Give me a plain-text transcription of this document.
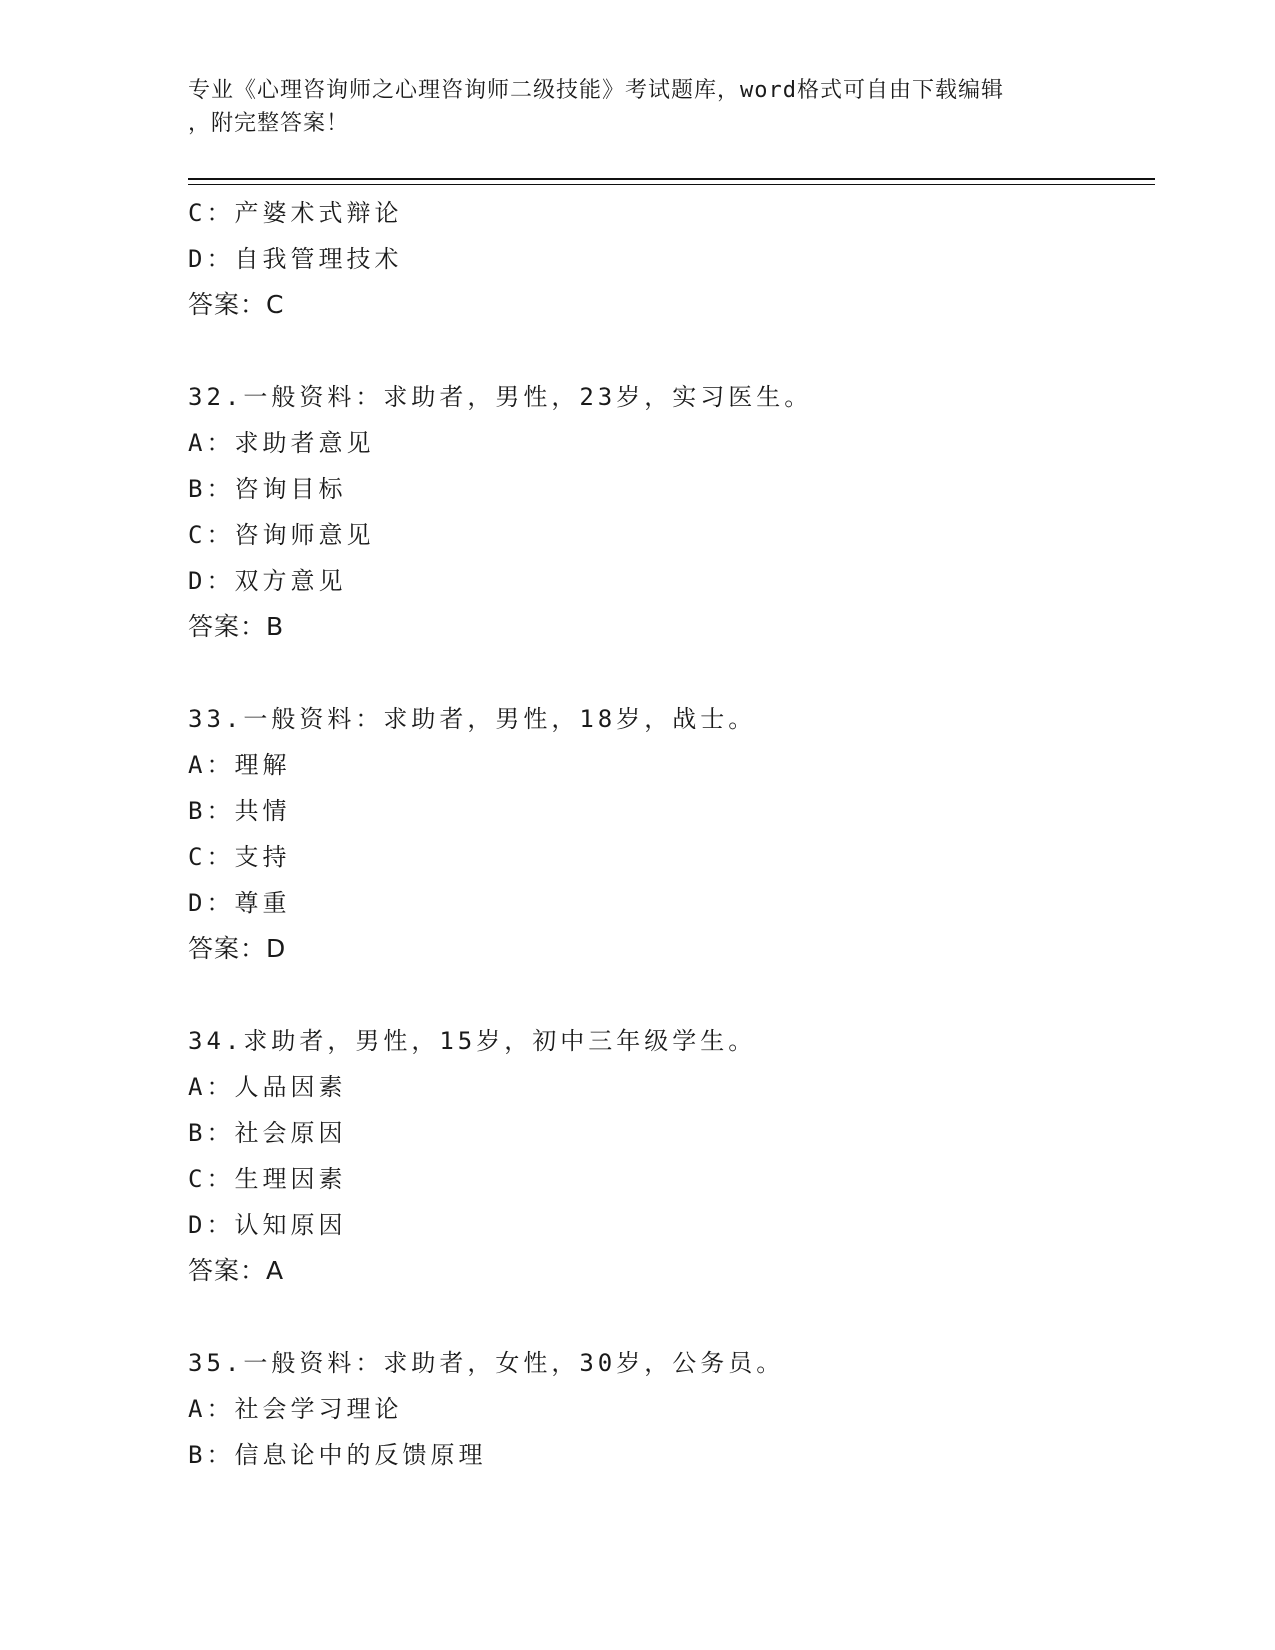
专业《心理咨询师之心理咨询师二级技能》考试题库，word格式可自由下载编辑
，附完整答案！
C：产婆术式辩论
D：自我管理技术
答案：C
32.一般资料：求助者，男性，23岁，实习医生。
A：求助者意见
B：咨询目标
C：咨询师意见
D：双方意见
答案：B
33.一般资料：求助者，男性，18岁，战士。
A：理解
B：共情
C：支持
D：尊重
答案：D
34.求助者，男性，15岁，初中三年级学生。
A：人品因素
B：社会原因
C：生理因素
D：认知原因
答案：A
35.一般资料：求助者，女性，30岁，公务员。
A：社会学习理论
B：信息论中的反馈原理
